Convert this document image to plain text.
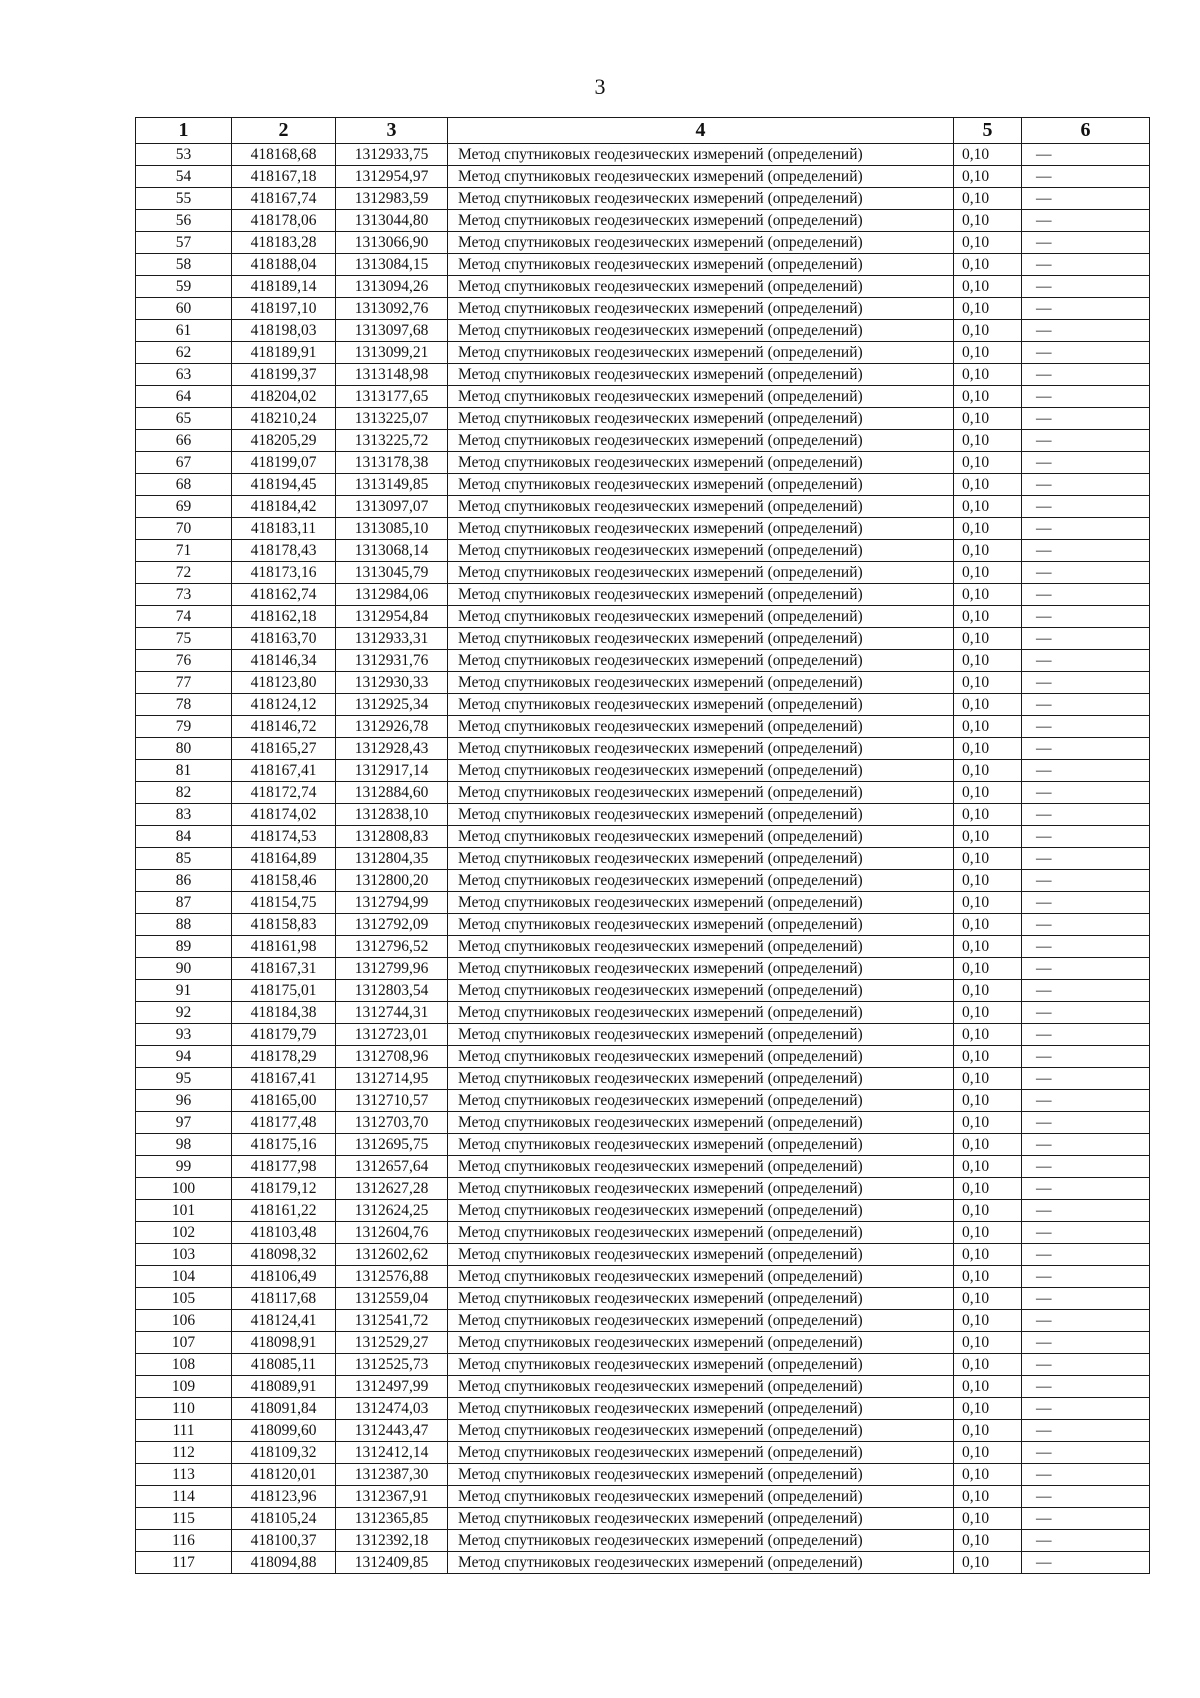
3
1	2	3	4	5	6
53	418168,68	1312933,75	Метод спутниковых геодезических измерений (определений)	0,10	—
54	418167,18	1312954,97	Метод спутниковых геодезических измерений (определений)	0,10	—
55	418167,74	1312983,59	Метод спутниковых геодезических измерений (определений)	0,10	—
56	418178,06	1313044,80	Метод спутниковых геодезических измерений (определений)	0,10	—
57	418183,28	1313066,90	Метод спутниковых геодезических измерений (определений)	0,10	—
58	418188,04	1313084,15	Метод спутниковых геодезических измерений (определений)	0,10	—
59	418189,14	1313094,26	Метод спутниковых геодезических измерений (определений)	0,10	—
60	418197,10	1313092,76	Метод спутниковых геодезических измерений (определений)	0,10	—
61	418198,03	1313097,68	Метод спутниковых геодезических измерений (определений)	0,10	—
62	418189,91	1313099,21	Метод спутниковых геодезических измерений (определений)	0,10	—
63	418199,37	1313148,98	Метод спутниковых геодезических измерений (определений)	0,10	—
64	418204,02	1313177,65	Метод спутниковых геодезических измерений (определений)	0,10	—
65	418210,24	1313225,07	Метод спутниковых геодезических измерений (определений)	0,10	—
66	418205,29	1313225,72	Метод спутниковых геодезических измерений (определений)	0,10	—
67	418199,07	1313178,38	Метод спутниковых геодезических измерений (определений)	0,10	—
68	418194,45	1313149,85	Метод спутниковых геодезических измерений (определений)	0,10	—
69	418184,42	1313097,07	Метод спутниковых геодезических измерений (определений)	0,10	—
70	418183,11	1313085,10	Метод спутниковых геодезических измерений (определений)	0,10	—
71	418178,43	1313068,14	Метод спутниковых геодезических измерений (определений)	0,10	—
72	418173,16	1313045,79	Метод спутниковых геодезических измерений (определений)	0,10	—
73	418162,74	1312984,06	Метод спутниковых геодезических измерений (определений)	0,10	—
74	418162,18	1312954,84	Метод спутниковых геодезических измерений (определений)	0,10	—
75	418163,70	1312933,31	Метод спутниковых геодезических измерений (определений)	0,10	—
76	418146,34	1312931,76	Метод спутниковых геодезических измерений (определений)	0,10	—
77	418123,80	1312930,33	Метод спутниковых геодезических измерений (определений)	0,10	—
78	418124,12	1312925,34	Метод спутниковых геодезических измерений (определений)	0,10	—
79	418146,72	1312926,78	Метод спутниковых геодезических измерений (определений)	0,10	—
80	418165,27	1312928,43	Метод спутниковых геодезических измерений (определений)	0,10	—
81	418167,41	1312917,14	Метод спутниковых геодезических измерений (определений)	0,10	—
82	418172,74	1312884,60	Метод спутниковых геодезических измерений (определений)	0,10	—
83	418174,02	1312838,10	Метод спутниковых геодезических измерений (определений)	0,10	—
84	418174,53	1312808,83	Метод спутниковых геодезических измерений (определений)	0,10	—
85	418164,89	1312804,35	Метод спутниковых геодезических измерений (определений)	0,10	—
86	418158,46	1312800,20	Метод спутниковых геодезических измерений (определений)	0,10	—
87	418154,75	1312794,99	Метод спутниковых геодезических измерений (определений)	0,10	—
88	418158,83	1312792,09	Метод спутниковых геодезических измерений (определений)	0,10	—
89	418161,98	1312796,52	Метод спутниковых геодезических измерений (определений)	0,10	—
90	418167,31	1312799,96	Метод спутниковых геодезических измерений (определений)	0,10	—
91	418175,01	1312803,54	Метод спутниковых геодезических измерений (определений)	0,10	—
92	418184,38	1312744,31	Метод спутниковых геодезических измерений (определений)	0,10	—
93	418179,79	1312723,01	Метод спутниковых геодезических измерений (определений)	0,10	—
94	418178,29	1312708,96	Метод спутниковых геодезических измерений (определений)	0,10	—
95	418167,41	1312714,95	Метод спутниковых геодезических измерений (определений)	0,10	—
96	418165,00	1312710,57	Метод спутниковых геодезических измерений (определений)	0,10	—
97	418177,48	1312703,70	Метод спутниковых геодезических измерений (определений)	0,10	—
98	418175,16	1312695,75	Метод спутниковых геодезических измерений (определений)	0,10	—
99	418177,98	1312657,64	Метод спутниковых геодезических измерений (определений)	0,10	—
100	418179,12	1312627,28	Метод спутниковых геодезических измерений (определений)	0,10	—
101	418161,22	1312624,25	Метод спутниковых геодезических измерений (определений)	0,10	—
102	418103,48	1312604,76	Метод спутниковых геодезических измерений (определений)	0,10	—
103	418098,32	1312602,62	Метод спутниковых геодезических измерений (определений)	0,10	—
104	418106,49	1312576,88	Метод спутниковых геодезических измерений (определений)	0,10	—
105	418117,68	1312559,04	Метод спутниковых геодезических измерений (определений)	0,10	—
106	418124,41	1312541,72	Метод спутниковых геодезических измерений (определений)	0,10	—
107	418098,91	1312529,27	Метод спутниковых геодезических измерений (определений)	0,10	—
108	418085,11	1312525,73	Метод спутниковых геодезических измерений (определений)	0,10	—
109	418089,91	1312497,99	Метод спутниковых геодезических измерений (определений)	0,10	—
110	418091,84	1312474,03	Метод спутниковых геодезических измерений (определений)	0,10	—
111	418099,60	1312443,47	Метод спутниковых геодезических измерений (определений)	0,10	—
112	418109,32	1312412,14	Метод спутниковых геодезических измерений (определений)	0,10	—
113	418120,01	1312387,30	Метод спутниковых геодезических измерений (определений)	0,10	—
114	418123,96	1312367,91	Метод спутниковых геодезических измерений (определений)	0,10	—
115	418105,24	1312365,85	Метод спутниковых геодезических измерений (определений)	0,10	—
116	418100,37	1312392,18	Метод спутниковых геодезических измерений (определений)	0,10	—
117	418094,88	1312409,85	Метод спутниковых геодезических измерений (определений)	0,10	—
